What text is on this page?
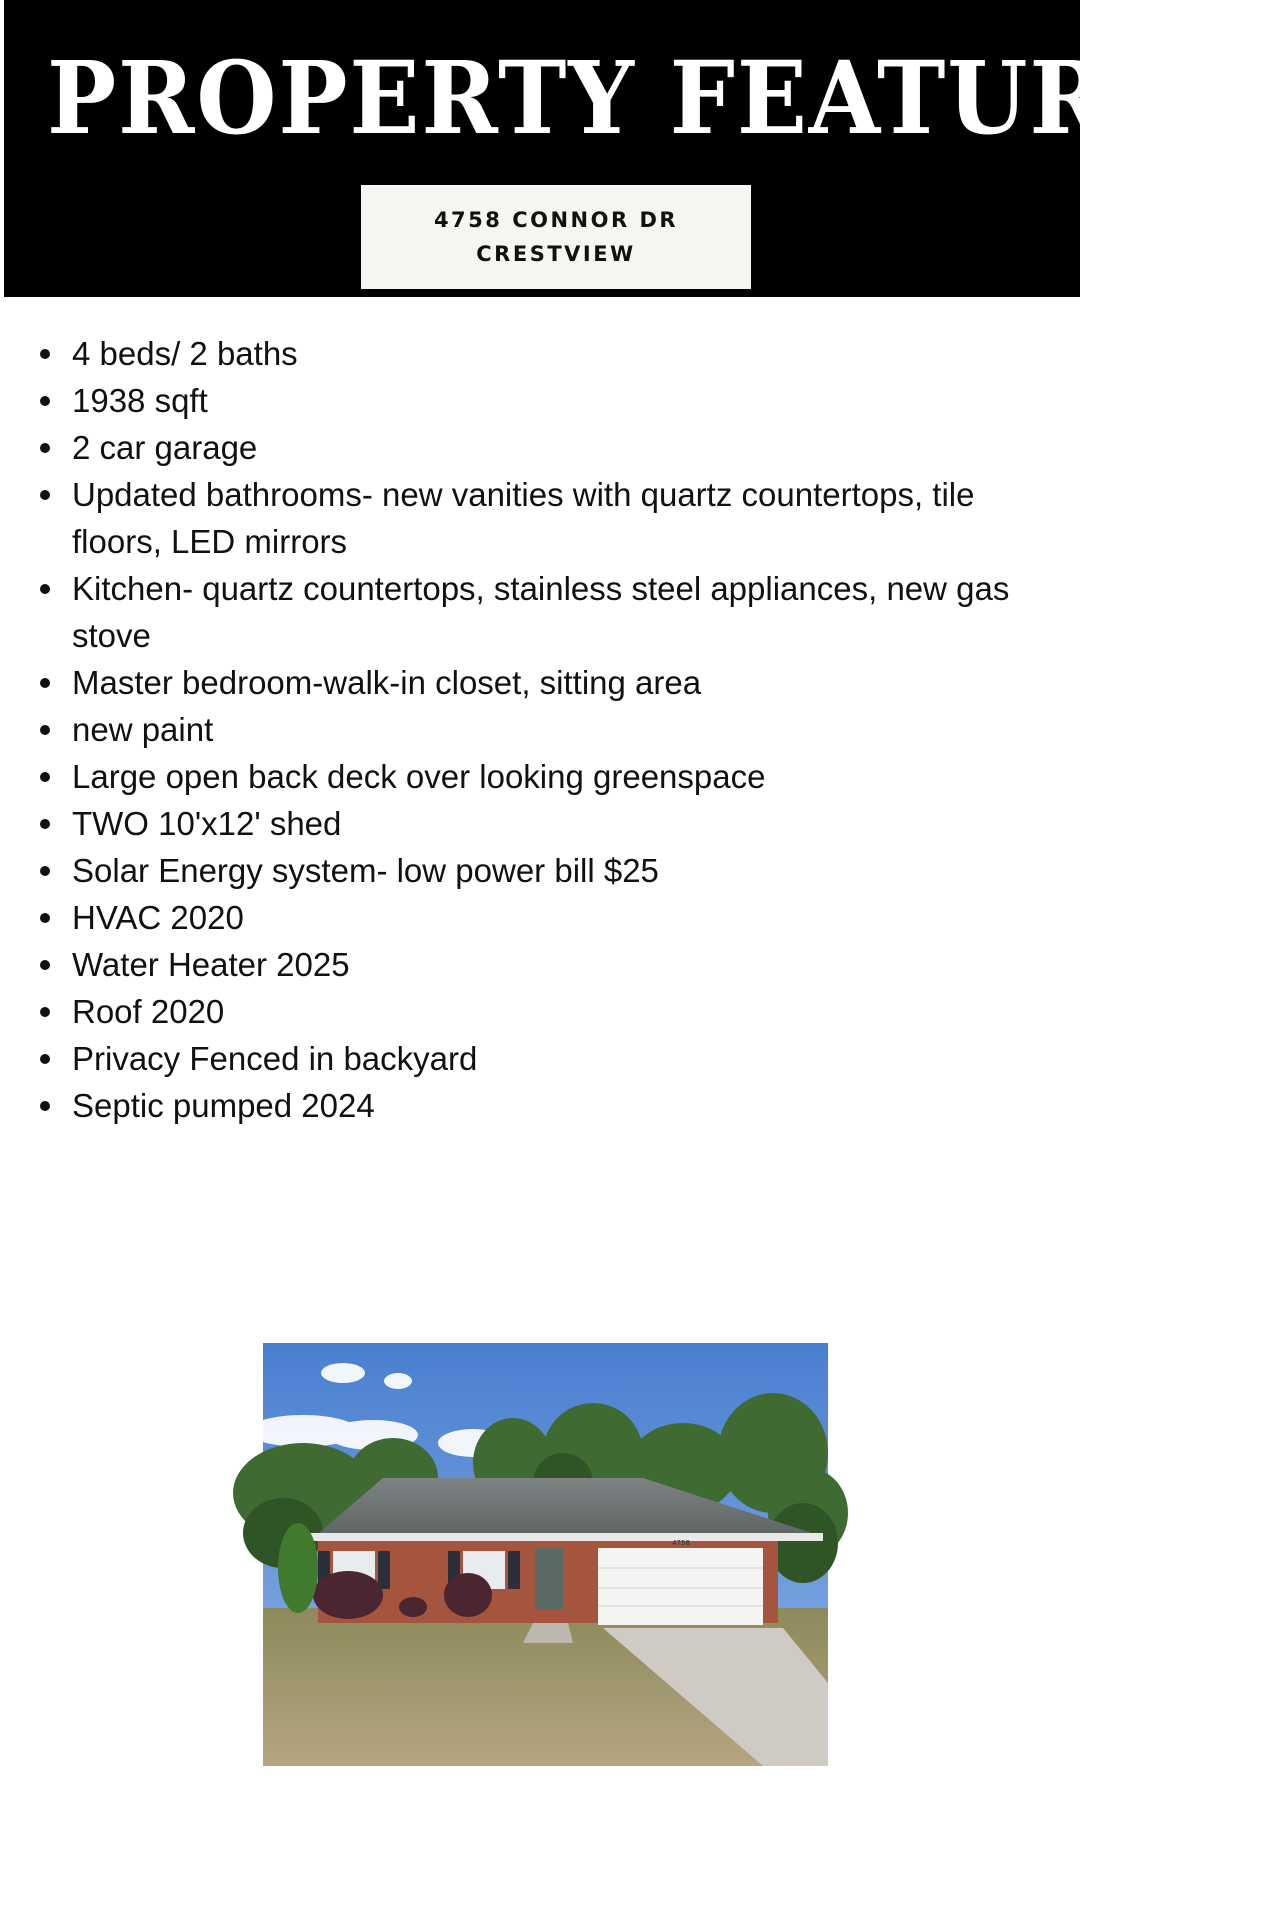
PROPERTY FEATURES:
4758 CONNOR DR
CRESTVIEW
4 beds/ 2 baths
1938 sqft
2 car garage
Updated bathrooms- new vanities with quartz countertops, tile floors, LED mirrors
Kitchen- quartz countertops, stainless steel appliances, new gas stove
Master bedroom-walk-in closet, sitting area
new paint
Large open back deck over looking greenspace
TWO 10'x12' shed
Solar Energy system- low power bill $25
HVAC 2020
Water Heater 2025
Roof 2020
Privacy Fenced in backyard
Septic pumped 2024
4758
